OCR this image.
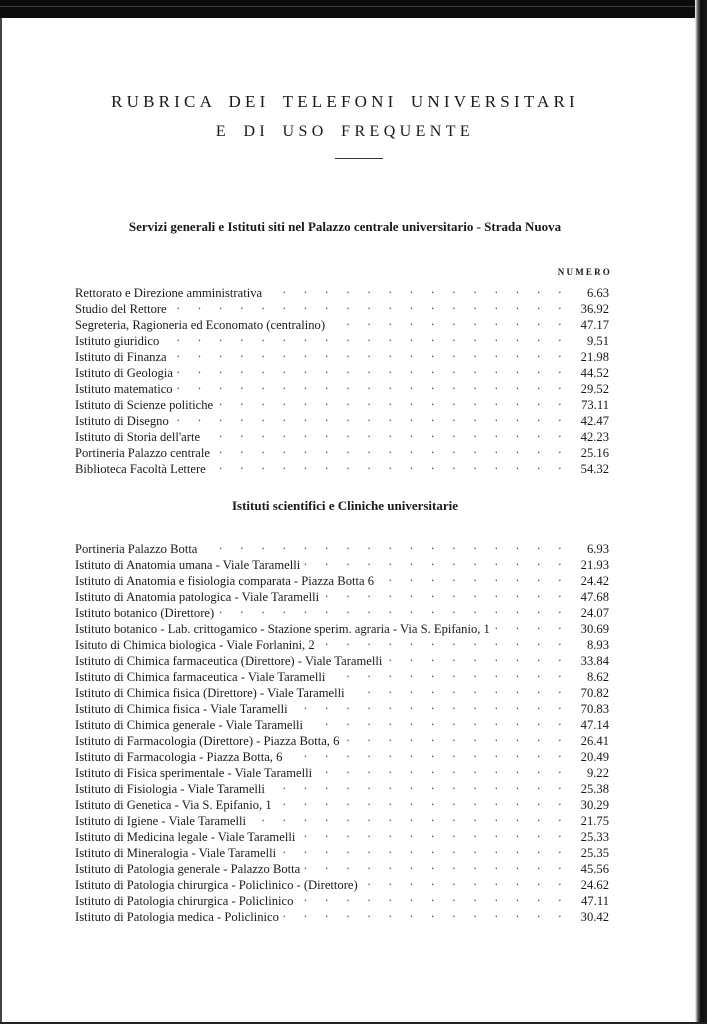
RUBRICA DEI TELEFONI UNIVERSITARI
E DI USO FREQUENTE
Servizi generali e Istituti siti nel Palazzo centrale universitario - Strada Nuova
NUMERO
Rettorato e Direzione amministrativa . . .	6.63
Studio del Rettore . . .	36.92
Segreteria, Ragioneria ed Economato (centralino) . . .	47.17
Istituto giuridico . . .	9.51
Istituto di Finanza . . .	21.98
Istituto di Geologia . . .	44.52
Istituto matematico . . .	29.52
Istituto di Scienze politiche . . .	73.11
Istituto di Disegno . . .	42.47
Istituto di Storia dell'arte . . .	42.23
Portineria Palazzo centrale . . .	25.16
Biblioteca Facoltà Lettere . . .	54.32
Istituti scientifici e Cliniche universitarie
Portineria Palazzo Botta . . .	6.93
Istituto di Anatomia umana - Viale Taramelli . . .	21.93
Istituto di Anatomia e fisiologia comparata - Piazza Botta 6 . . .	24.42
Istituto di Anatomia patologica - Viale Taramelli . . .	47.68
Istituto botanico (Direttore) . . .	24.07
Istituto botanico - Lab. crittogamico - Stazione sperim. agraria - Via S. Epifanio, 1 . . .	30.69
Isituto di Chimica biologica - Viale Forlanini, 2 . . .	8.93
Istituto di Chimica farmaceutica (Direttore) - Viale Taramelli . . .	33.84
Istituto di Chimica farmaceutica - Viale Taramelli . . .	8.62
Istituto di Chimica fisica (Direttore) - Viale Taramelli . . .	70.82
Istituto di Chimica fisica - Viale Taramelli . . .	70.83
Istituto di Chimica generale - Viale Taramelli . . .	47.14
Istituto di Farmacologia (Direttore) - Piazza Botta, 6 . . .	26.41
Istituto di Farmacologia - Piazza Botta, 6 . . .	20.49
Istituto di Fisica sperimentale - Viale Taramelli . . .	9.22
Istituto di Fisiologia - Viale Taramelli . . .	25.38
Istituto di Genetica - Via S. Epifanio, 1 . . .	30.29
Istituto di Igiene - Viale Taramelli . . .	21.75
Istituto di Medicina legale - Viale Taramelli . . .	25.33
Istituto di Mineralogia - Viale Taramelli . . .	25.35
Istituto di Patologia generale - Palazzo Botta . . .	45.56
Istituto di Patologia chirurgica - Policlinico - (Direttore) . . .	24.62
Istituto di Patologia chirurgica - Policlinico . . .	47.11
Istituto di Patologia medica - Policlinico . . .	30.42
